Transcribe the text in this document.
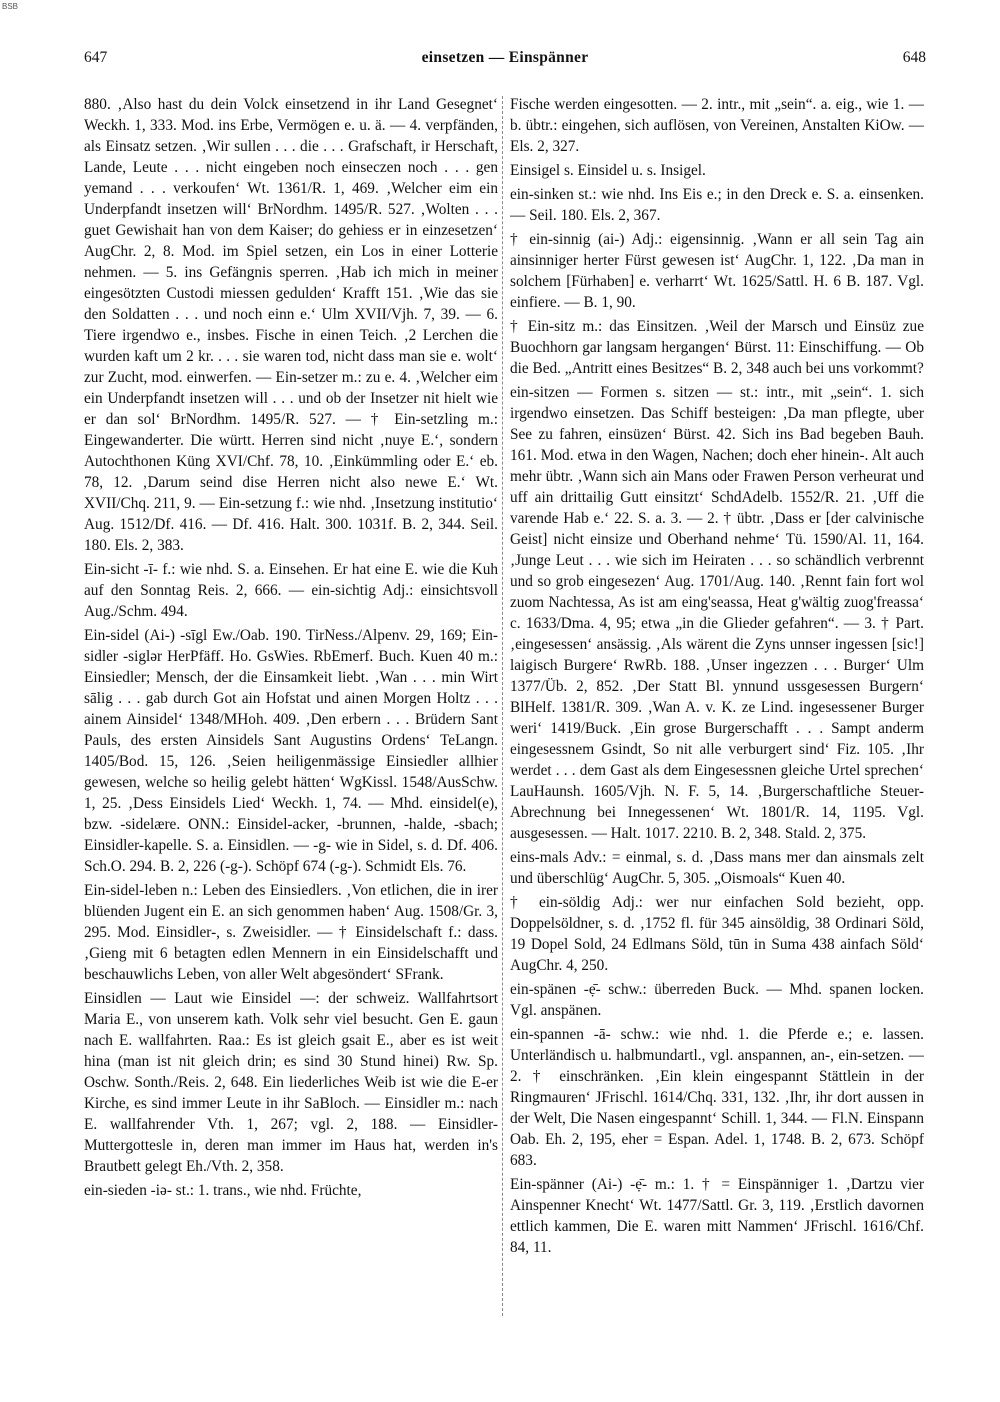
BSB
647	einsetzen — Einspänner	648

880. ‚Also hast du dein Volck einsetzend in ihr Land Gesegnet‘ Weckh. 1, 333. Mod. ins Erbe, Vermögen e. u. ä. — 4. verpfänden, als Einsatz setzen. ‚Wir sullen . . . die . . . Grafschaft, ir Herschaft, Lande, Leute . . . nicht eingeben noch einseczen noch . . . gen yemand . . . verkoufen‘ Wt. 1361/R. 1, 469. ‚Welcher eim ein Underpfandt insetzen will‘ BrNordhm. 1495/R. 527. ‚Wolten . . . guet Gewishait han von dem Kaiser; do gehiess er in einzesetzen‘ AugChr. 2, 8. Mod. im Spiel setzen, ein Los in einer Lotterie nehmen. — 5. ins Gefängnis sperren. ‚Hab ich mich in meiner eingesötzten Custodi miessen gedulden‘ Krafft 151. ‚Wie das sie den Soldatten . . . und noch einn e.‘ Ulm XVII/Vjh. 7, 39. — 6. Tiere irgendwo e., insbes. Fische in einen Teich. ‚2 Lerchen die wurden kaft um 2 kr. . . . sie waren tod, nicht dass man sie e. wolt‘ zur Zucht, mod. einwerfen. — Ein-setzer m.: zu e. 4. ‚Welcher eim ein Underpfandt insetzen will . . . und ob der Insetzer nit hielt wie er dan sol‘ BrNordhm. 1495/R. 527. — † Ein-setzling m.: Eingewanderter. Die württ. Herren sind nicht ‚nuye E.‘, sondern Autochthonen Küng XVI/Chf. 78, 10. ‚Einkümmling oder E.‘ eb. 78, 12. ‚Darum seind dise Herren nicht also newe E.‘ Wt. XVII/Chq. 211, 9. — Ein-setzung f.: wie nhd. ‚Insetzung institutio‘ Aug. 1512/Df. 416. — Df. 416. Halt. 300. 1031f. B. 2, 344. Seil. 180. Els. 2, 383.

Ein-sicht -ī- f.: wie nhd. S. a. Einsehen. Er hat eine E. wie die Kuh auf den Sonntag Reis. 2, 666. — ein-sichtig Adj.: einsichtsvoll Aug./Schm. 494.

Ein-sidel (Ai-) -sīgl Ew./Oab. 190. TirNess./Alpenv. 29, 169; Ein-sidler -siglər HerPfäff. Ho. GsWies. RbEmerf. Buch. Kuen 40 m.: Einsiedler; Mensch, der die Einsamkeit liebt. ‚Wan . . . min Wirt sālig . . . gab durch Got ain Hofstat und ainen Morgen Holtz . . . ainem Ainsidel‘ 1348/MHoh. 409. ‚Den erbern . . . Brüdern Sant Pauls, des ersten Ainsidels Sant Augustins Ordens‘ TeLangn. 1405/Bod. 15, 126. ‚Seien heiligenmässige Einsiedler allhier gewesen, welche so heilig gelebt hätten‘ WgKissl. 1548/AusSchw. 1, 25. ‚Dess Einsidels Lied‘ Weckh. 1, 74. — Mhd. einsidel(e), bzw. -sidelære. ONN.: Einsidel-acker, -brunnen, -halde, -sbach; Einsidler-kapelle. S. a. Einsidlen. — -g- wie in Sidel, s. d. Df. 406. Sch.O. 294. B. 2, 226 (-g-). Schöpf 674 (-g-). Schmidt Els. 76.

Ein-sidel-leben n.: Leben des Einsiedlers. ‚Von etlichen, die in irer blüenden Jugent ein E. an sich genommen haben‘ Aug. 1508/Gr. 3, 295. Mod. Einsidler-, s. Zweisidler. — † Einsidelschaft f.: dass. ‚Gieng mit 6 betagten edlen Mennern in ein Einsidelschafft und beschauwlichs Leben, von aller Welt abgesöndert‘ SFrank.

Einsidlen — Laut wie Einsidel —: der schweiz. Wallfahrtsort Maria E., von unserem kath. Volk sehr viel besucht. Gen E. gaun nach E. wallfahrten. Raa.: Es ist gleich gsait E., aber es ist weit hina (man ist nit gleich drin; es sind 30 Stund hinei) Rw. Sp. Oschw. Sonth./Reis. 2, 648. Ein liederliches Weib ist wie die E-er Kirche, es sind immer Leute in ihr SaBloch. — Einsidler m.: nach E. wallfahrender Vth. 1, 267; vgl. 2, 188. — Einsidler-Muttergottesle in, deren man immer im Haus hat, werden in's Brautbett gelegt Eh./Vth. 2, 358.

ein-sieden -iə- st.: 1. trans., wie nhd. Früchte,

Fische werden eingesotten. — 2. intr., mit „sein“. a. eig., wie 1. — b. übtr.: eingehen, sich auflösen, von Vereinen, Anstalten KiOw. — Els. 2, 327.

Einsigel s. Einsidel u. s. Insigel.

ein-sinken st.: wie nhd. Ins Eis e.; in den Dreck e. S. a. einsenken. — Seil. 180. Els. 2, 367.

† ein-sinnig (ai-) Adj.: eigensinnig. ‚Wann er all sein Tag ain ainsinniger herter Fürst gewesen ist‘ AugChr. 1, 122. ‚Da man in solchem [Fürhaben] e. verharrt‘ Wt. 1625/Sattl. H. 6 B. 187. Vgl. einfiere. — B. 1, 90.

† Ein-sitz m.: das Einsitzen. ‚Weil der Marsch und Einsüz zue Buochhorn gar langsam hergangen‘ Bürst. 11: Einschiffung. — Ob die Bed. „Antritt eines Besitzes“ B. 2, 348 auch bei uns vorkommt?

ein-sitzen — Formen s. sitzen — st.: intr., mit „sein“. 1. sich irgendwo einsetzen. Das Schiff besteigen: ‚Da man pflegte, uber See zu fahren, einsüzen‘ Bürst. 42. Sich ins Bad begeben Bauh. 161. Mod. etwa in den Wagen, Nachen; doch eher hinein-. Alt auch mehr übtr. ‚Wann sich ain Mans oder Frawen Person verheurat und uff ain drittailig Gutt einsitzt‘ SchdAdelb. 1552/R. 21. ‚Uff die varende Hab e.‘ 22. S. a. 3. — 2. † übtr. ‚Dass er [der calvinische Geist] nicht einsize und Oberhand nehme‘ Tü. 1590/Al. 11, 164. ‚Junge Leut . . . wie sich im Heiraten . . . so schändlich verbrennt und so grob eingesezen‘ Aug. 1701/Aug. 140. ‚Rennt fain fort wol zuom Nachtessa, As ist am eing'seassa, Heat g'wältig zuog'freassa‘ c. 1633/Dma. 4, 95; etwa „in die Glieder gefahren“. — 3. † Part. ‚eingesessen‘ ansässig. ‚Als wärent die Zyns unnser ingessen [sic!] laigisch Burgere‘ RwRb. 188. ‚Unser ingezzen . . . Burger‘ Ulm 1377/Üb. 2, 852. ‚Der Statt Bl. ynnund ussgesessen Burgern‘ BlHelf. 1381/R. 309. ‚Wan A. v. K. ze Lind. ingesessener Burger weri‘ 1419/Buck. ‚Ein grose Burgerschafft . . . Sampt anderm eingesessnem Gsindt, So nit alle verburgert sind‘ Fiz. 105. ‚Ihr werdet . . . dem Gast als dem Eingesessnen gleiche Urtel sprechen‘ LauHaunsh. 1605/Vjh. N. F. 5, 14. ‚Burgerschaftliche Steuer-Abrechnung bei Innegessenen‘ Wt. 1801/R. 14, 1195. Vgl. ausgesessen. — Halt. 1017. 2210. B. 2, 348. Stald. 2, 375.

eins-mals Adv.: = einmal, s. d. ‚Dass mans mer dan ainsmals zelt und überschlüg‘ AugChr. 5, 305. „Oismoals“ Kuen 40.

† ein-söldig Adj.: wer nur einfachen Sold bezieht, opp. Doppelsöldner, s. d. ‚1752 fl. für 345 ainsöldig, 38 Ordinari Söld, 19 Dopel Sold, 24 Edlmans Söld, tūn in Suma 438 ainfach Söld‘ AugChr. 4, 250.

ein-spänen -ẹ̄- schw.: überreden Buck. — Mhd. spanen locken. Vgl. anspänen.

ein-spannen -ā- schw.: wie nhd. 1. die Pferde e.; e. lassen. Unterländisch u. halbmundartl., vgl. anspannen, an-, ein-setzen. — 2. † einschränken. ‚Ein klein eingespannt Stättlein in der Ringmauren‘ JFrischl. 1614/Chq. 331, 132. ‚Ihr, ihr dort aussen in der Welt, Die Nasen eingespannt‘ Schill. 1, 344. — Fl.N. Einspann Oab. Eh. 2, 195, eher = Espan. Adel. 1, 1748. B. 2, 673. Schöpf 683.

Ein-spänner (Ai-) -ẹ̄- m.: 1. † = Einspänniger 1. ‚Dartzu vier Ainspenner Knecht‘ Wt. 1477/Sattl. Gr. 3, 119. ‚Erstlich davornen ettlich kammen, Die E. waren mitt Nammen‘ JFrischl. 1616/Chf. 84, 11.
